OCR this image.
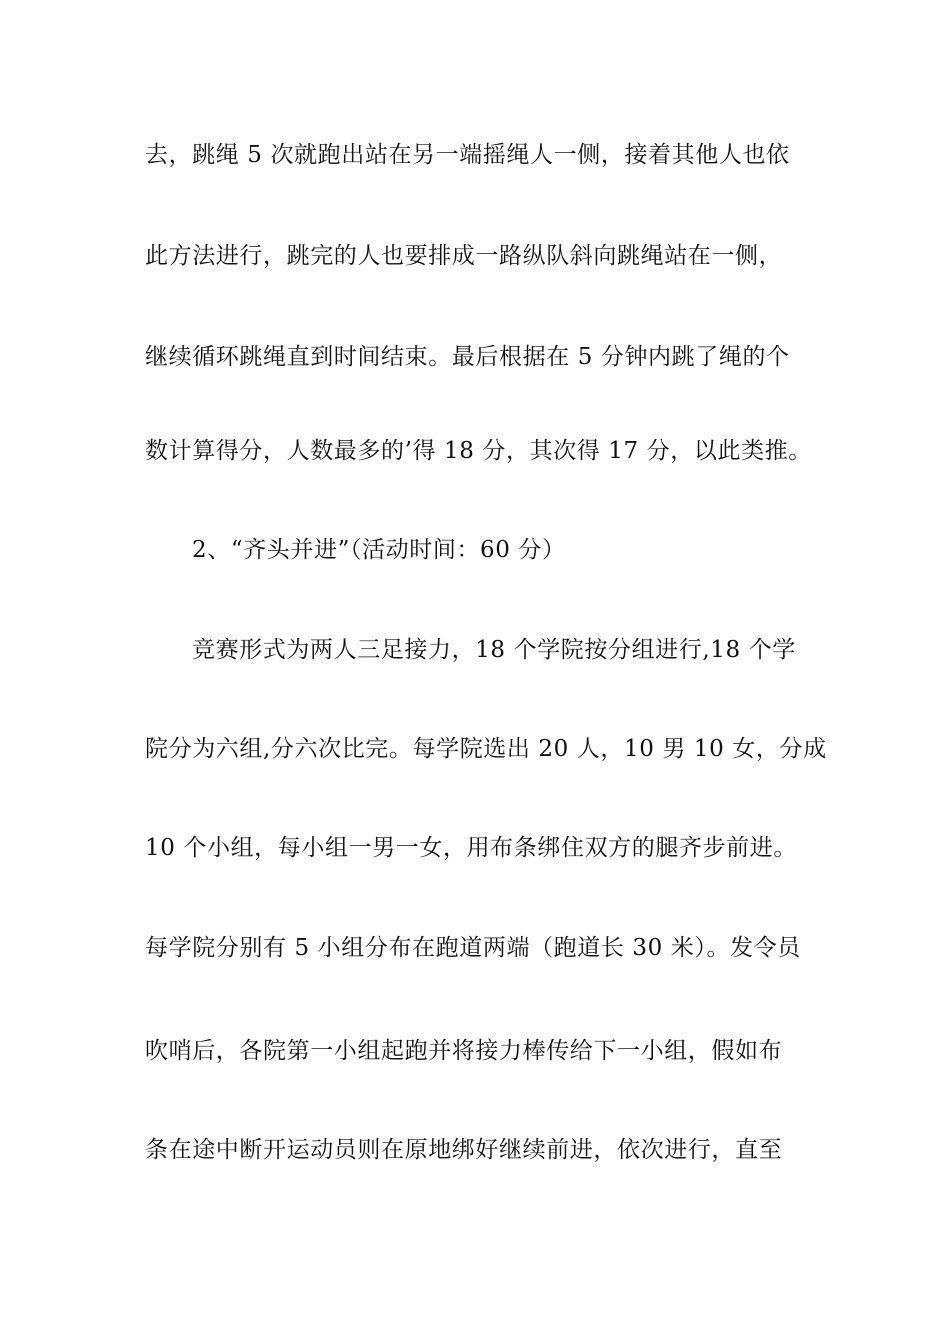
去，跳绳 5 次就跑出站在另一端摇绳人一侧，接着其他人也依
此方法进行，跳完的人也要排成一路纵队斜向跳绳站在一侧，
继续循环跳绳直到时间结束。最后根据在 5 分钟内跳了绳的个
数计算得分，人数最多的’得 18 分，其次得 17 分，以此类推。
2、“齐头并进”（活动时间：60 分）
竞赛形式为两人三足接力，18 个学院按分组进行,18 个学
院分为六组,分六次比完。每学院选出 20 人，10 男 10 女，分成
10 个小组，每小组一男一女，用布条绑住双方的腿齐步前进。
每学院分别有 5 小组分布在跑道两端（跑道长 30 米）。发令员
吹哨后，各院第一小组起跑并将接力棒传给下一小组，假如布
条在途中断开运动员则在原地绑好继续前进，依次进行，直至
